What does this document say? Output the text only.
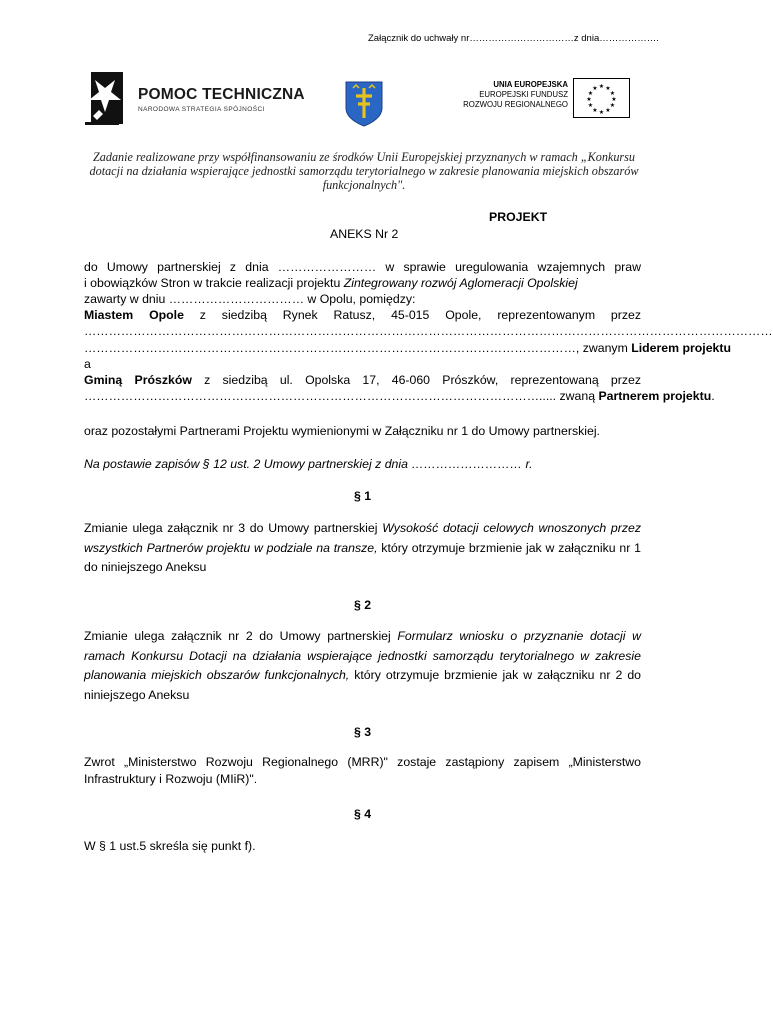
Załącznik do uchwały nr……………………………z dnia……………….
POMOC TECHNICZNA
NARODOWA STRATEGIA SPÓJNOŚCI
UNIA EUROPEJSKA
EUROPEJSKI FUNDUSZ
ROZWOJU REGIONALNEGO
★ ★
★
★
★
★
★
★
★
★
★
★
Zadanie realizowane przy współfinansowaniu ze środków Unii Europejskiej przyznanych w ramach „Konkursu dotacji na działania wspierające jednostki samorządu terytorialnego w zakresie planowania miejskich obszarów funkcjonalnych".
PROJEKT
ANEKS Nr 2
do Umowy partnerskiej z dnia …………………… w sprawie uregulowania wzajemnych praw
i obowiązków Stron w trakcie realizacji projektu Zintegrowany rozwój Aglomeracji Opolskiej
zawarty w dniu …………………………… w Opolu, pomiędzy:
Miastem Opole z siedzibą Rynek Ratusz, 45-015 Opole, reprezentowanym przez
……………………………………………………………………………………………………………………………………………………
…………………………………………………………………………………………………………, zwanym Liderem projektu
a
Gminą Prószków z siedzibą ul. Opolska 17, 46-060 Prószków, reprezentowaną przez
…………………………………………………………………………………………………..... zwaną Partnerem projektu.
oraz pozostałymi Partnerami Projektu wymienionymi w Załączniku nr 1 do Umowy partnerskiej.
Na postawie zapisów § 12 ust. 2 Umowy partnerskiej z dnia ……………………… r.
§ 1
Zmianie ulega załącznik nr 3 do Umowy partnerskiej Wysokość dotacji celowych wnoszonych przez wszystkich Partnerów projektu w podziale na transze, który otrzymuje brzmienie jak w załączniku nr 1 do niniejszego Aneksu
§ 2
Zmianie ulega załącznik nr 2 do Umowy partnerskiej Formularz wniosku o przyznanie dotacji w ramach Konkursu Dotacji na działania wspierające jednostki samorządu terytorialnego w zakresie planowania miejskich obszarów funkcjonalnych, który otrzymuje brzmienie jak w załączniku nr 2 do niniejszego Aneksu
§ 3
Zwrot „Ministerstwo Rozwoju Regionalnego (MRR)" zostaje zastąpiony zapisem „Ministerstwo Infrastruktury i Rozwoju (MIiR)".
§ 4
W § 1 ust.5 skreśla się punkt f).
